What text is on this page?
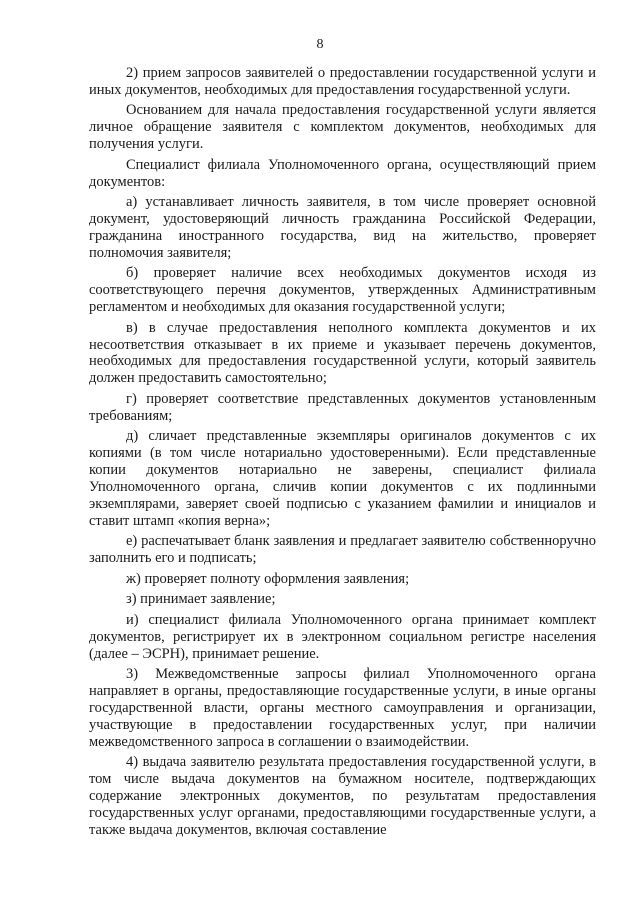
8

2) прием запросов заявителей о предоставлении государственной услуги и иных документов, необходимых для предоставления государственной услуги.

Основанием для начала предоставления государственной услуги является личное обращение заявителя с комплектом документов, необходимых для получения услуги.

Специалист филиала Уполномоченного органа, осуществляющий прием документов:

а) устанавливает личность заявителя, в том числе проверяет основной документ, удостоверяющий личность гражданина Российской Федерации, гражданина иностранного государства, вид на жительство, проверяет полномочия заявителя;

б) проверяет наличие всех необходимых документов исходя из соответствующего перечня документов, утвержденных Административным регламентом и необходимых для оказания государственной услуги;

в) в случае предоставления неполного комплекта документов и их несоответствия отказывает в их приеме и указывает перечень документов, необходимых для предоставления государственной услуги, который заявитель должен предоставить самостоятельно;

г) проверяет соответствие представленных документов установленным требованиям;

д) сличает представленные экземпляры оригиналов документов с их копиями (в том числе нотариально удостоверенными). Если представленные копии документов нотариально не заверены, специалист филиала Уполномоченного органа, сличив копии документов с их подлинными экземплярами, заверяет своей подписью с указанием фамилии и инициалов и ставит штамп «копия верна»;

е) распечатывает бланк заявления и предлагает заявителю собственноручно заполнить его и подписать;

ж) проверяет полноту оформления заявления;

з) принимает заявление;

и) специалист филиала Уполномоченного органа принимает комплект документов, регистрирует их в электронном социальном регистре населения (далее – ЭСРН), принимает решение.

3) Межведомственные запросы филиал Уполномоченного органа направляет в органы, предоставляющие государственные услуги, в иные органы государственной власти, органы местного самоуправления и организации, участвующие в предоставлении государственных услуг, при наличии межведомственного запроса в соглашении о взаимодействии.

4) выдача заявителю результата предоставления государственной услуги, в том числе выдача документов на бумажном носителе, подтверждающих содержание электронных документов, по результатам предоставления государственных услуг органами, предоставляющими государственные услуги, а также выдача документов, включая составление
